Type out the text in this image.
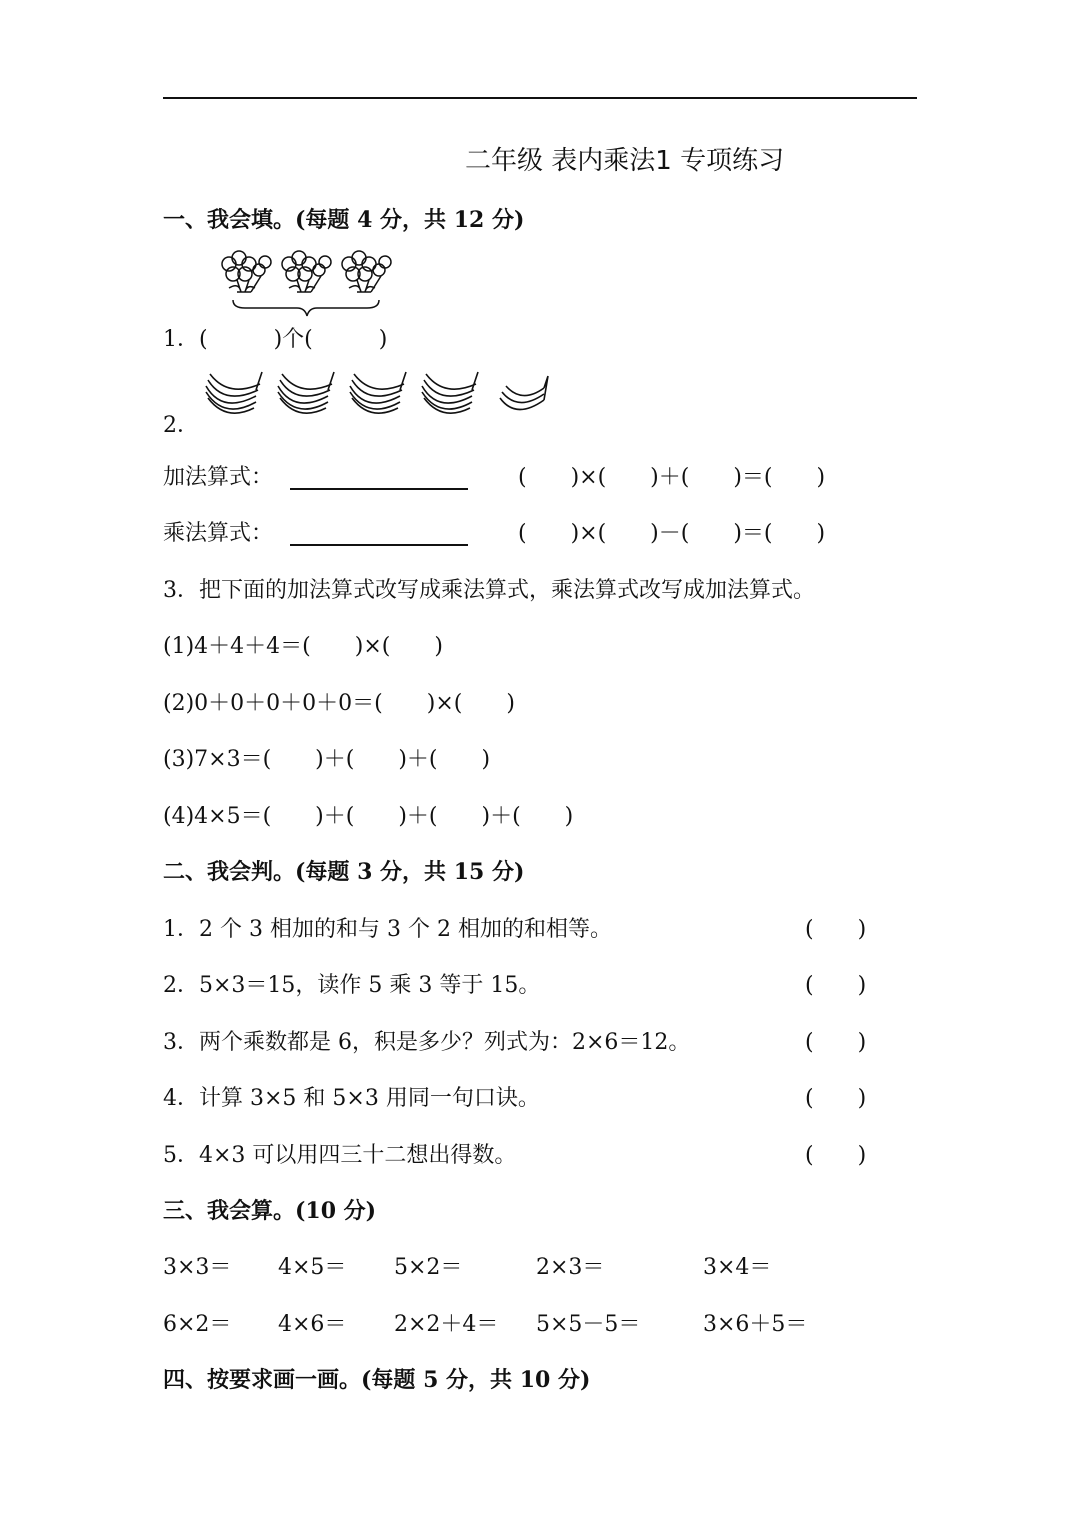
二年级 表内乘法1 专项练习
一、我会填。(每题 4 分，共 12 分)
1．(　　　)个(　　　)
2．
加法算式：	(　　)×(　　)＋(　　)＝(　　)
乘法算式：	(　　)×(　　)－(　　)＝(　　)
3．把下面的加法算式改写成乘法算式，乘法算式改写成加法算式。
(1)4＋4＋4＝(　　)×(　　)
(2)0＋0＋0＋0＋0＝(　　)×(　　)
(3)7×3＝(　　)＋(　　)＋(　　)
(4)4×5＝(　　)＋(　　)＋(　　)＋(　　)
二、我会判。(每题 3 分，共 15 分)
1．2 个 3 相加的和与 3 个 2 相加的和相等。	(　　)
2．5×3＝15，读作 5 乘 3 等于 15。	(　　)
3．两个乘数都是 6，积是多少？列式为：2×6＝12。	(　　)
4．计算 3×5 和 5×3 用同一句口诀。	(　　)
5．4×3 可以用四三十二想出得数。	(　　)
三、我会算。(10 分)
3×3＝ 4×5＝ 5×2＝	2×3＝	3×4＝
6×2＝ 4×6＝ 2×2＋4＝ 5×5－5＝	3×6＋5＝
四、按要求画一画。(每题 5 分，共 10 分)
